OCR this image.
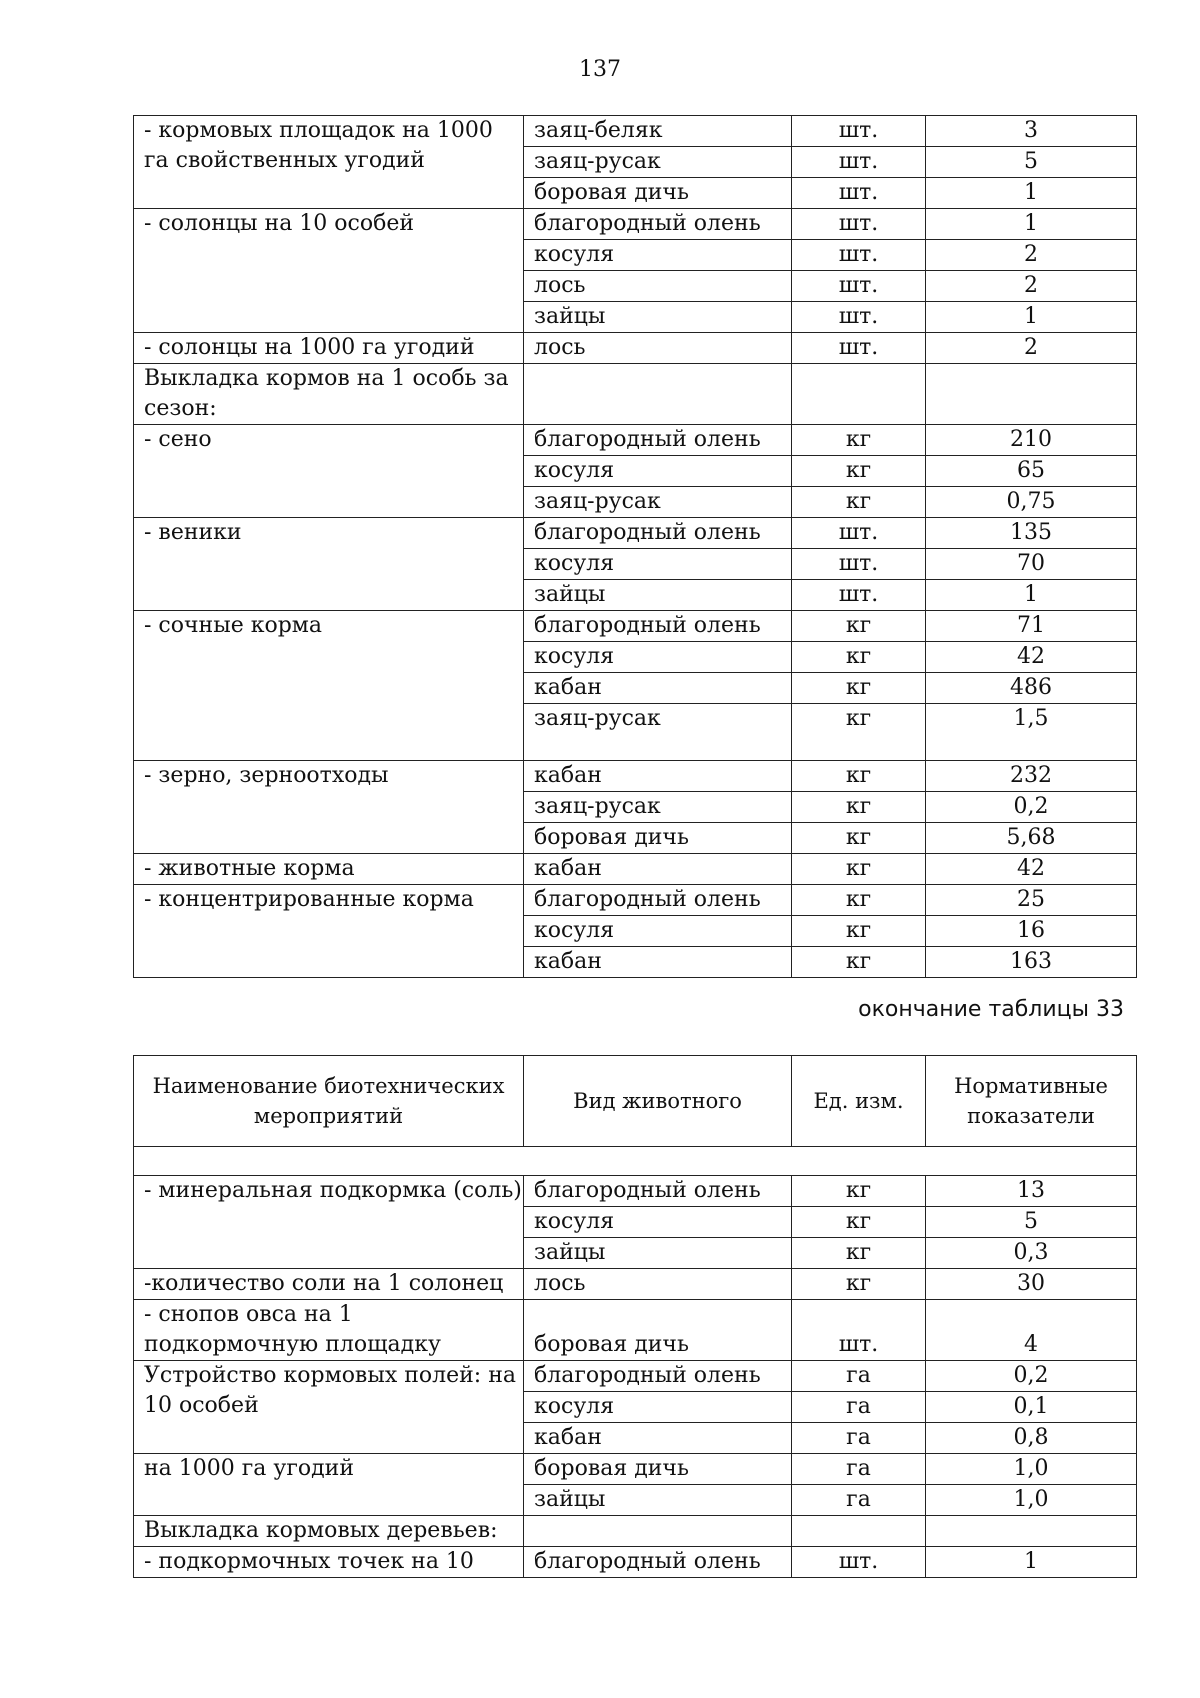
137
- кормовых площадок на 1000 га свойственных угодий	заяц-беляк	шт.	3
	заяц-русак	шт.	5
	боровая дичь	шт.	1
- солонцы на 10 особей	благородный олень	шт.	1
	косуля	шт.	2
	лось	шт.	2
	зайцы	шт.	1
- солонцы на 1000 га угодий	лось	шт.	2
Выкладка кормов на 1 особь за сезон:			
- сено	благородный олень	кг	210
	косуля	кг	65
	заяц-русак	кг	0,75
- веники	благородный олень	шт.	135
	косуля	шт.	70
	зайцы	шт.	1
- сочные корма	благородный олень	кг	71
	косуля	кг	42
	кабан	кг	486
	заяц-русак	кг	1,5
- зерно, зерноотходы	кабан	кг	232
	заяц-русак	кг	0,2
	боровая дичь	кг	5,68
- животные корма	кабан	кг	42
- концентрированные корма	благородный олень	кг	25
	косуля	кг	16
	кабан	кг	163
окончание таблицы 33
Наименование биотехнических мероприятий	Вид животного	Ед. изм.	Нормативные показатели

- минеральная подкормка (соль)	благородный олень	кг	13
	косуля	кг	5
	зайцы	кг	0,3
-количество соли на 1 солонец	лось	кг	30
- снопов овса на 1 подкормочную площадку	боровая дичь	шт.	4
Устройство кормовых полей: на 10 особей	благородный олень	га	0,2
	косуля	га	0,1
	кабан	га	0,8
на 1000 га угодий	боровая дичь	га	1,0
	зайцы	га	1,0
Выкладка кормовых деревьев:			
- подкормочных точек на 10	благородный олень	шт.	1
